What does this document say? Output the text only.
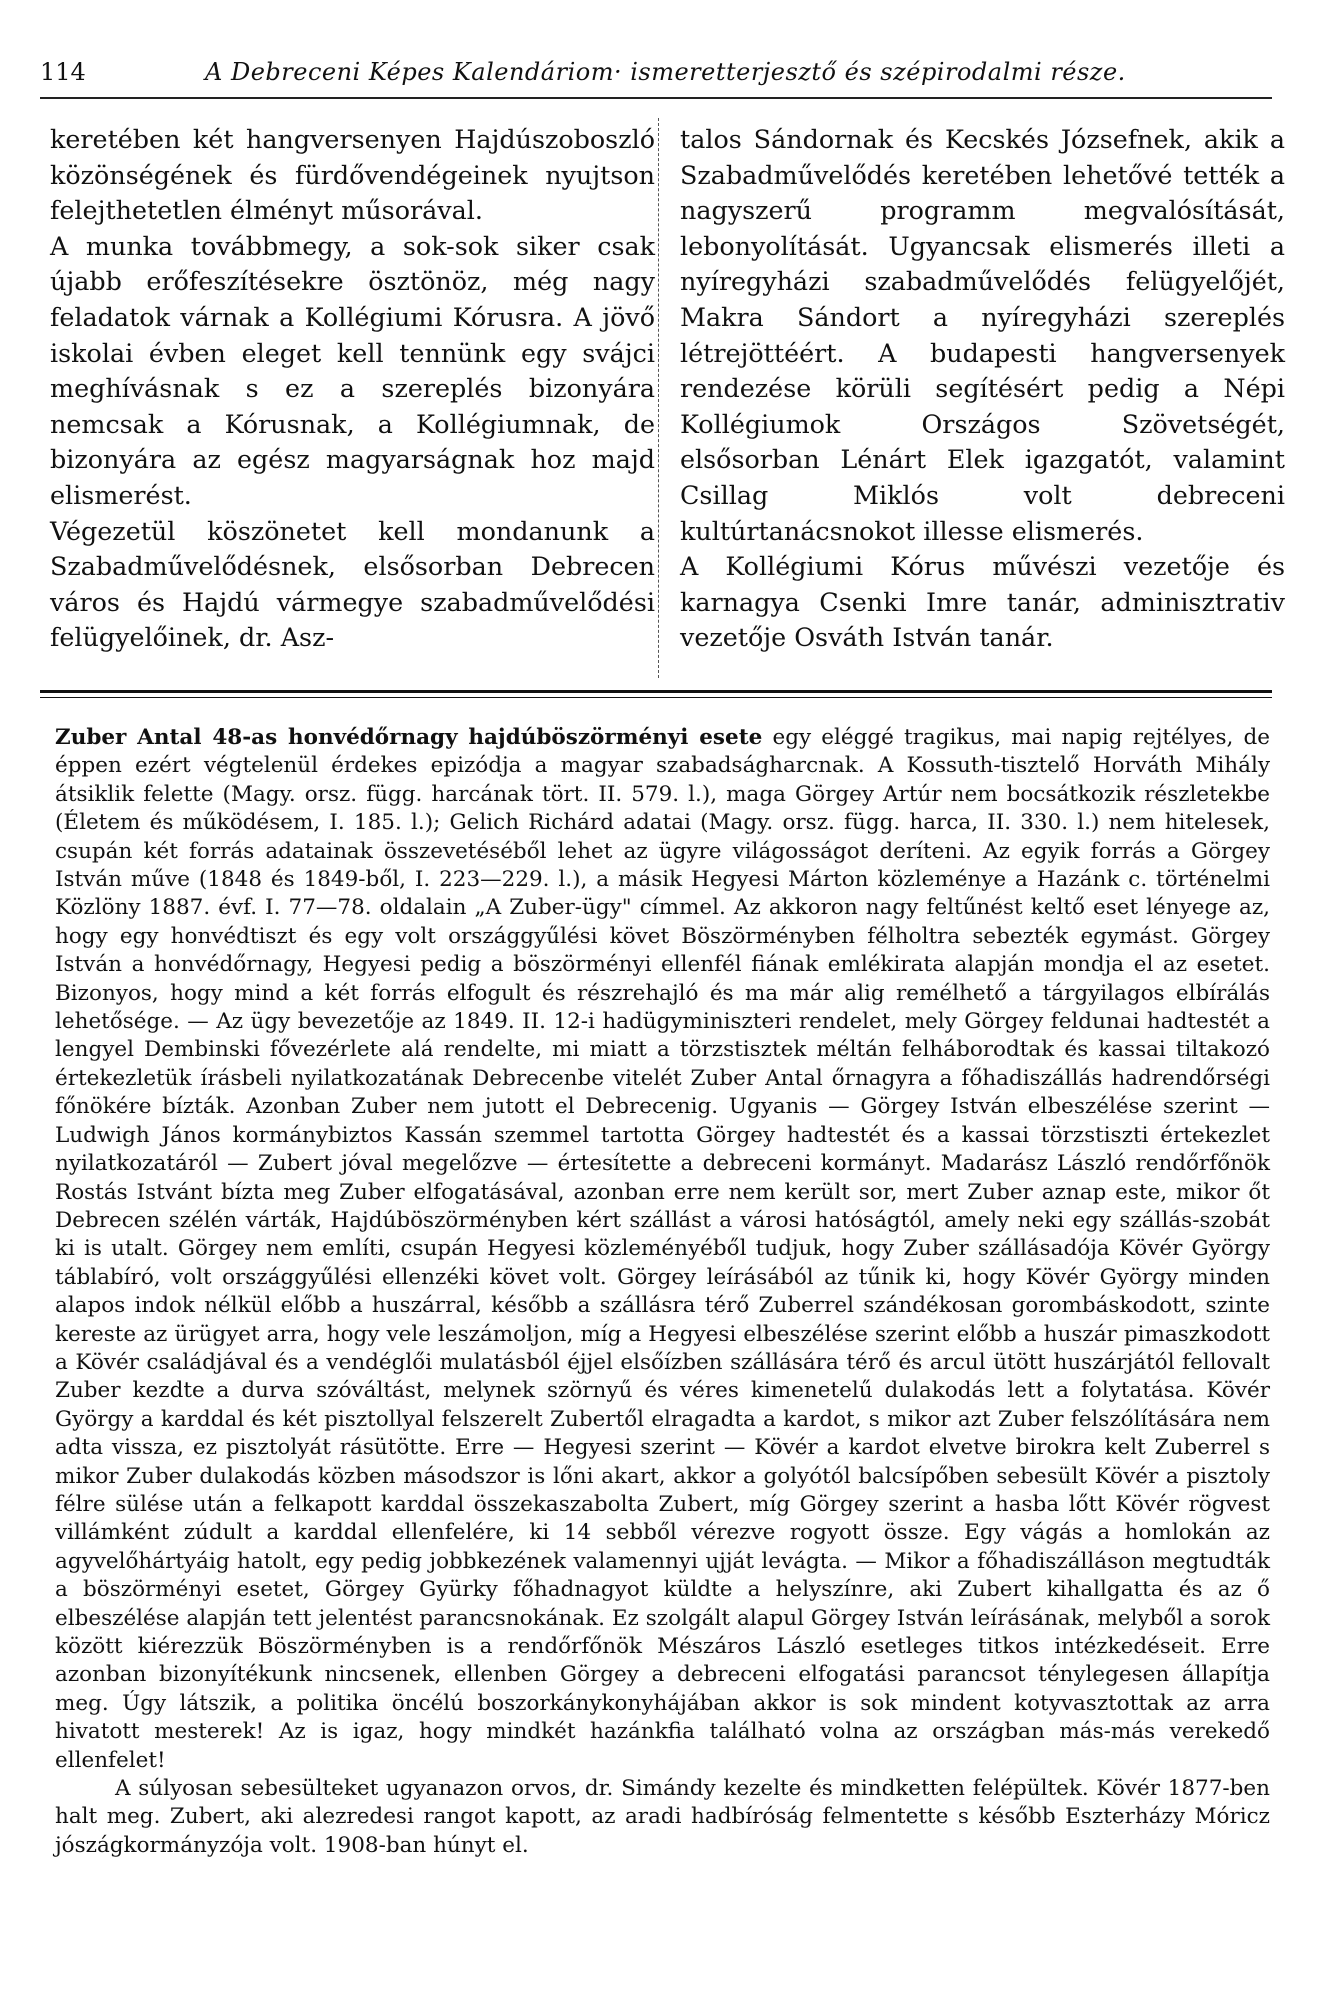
114	A Debreceni Képes Kalendáriom· ismeretterjesztő és szépirodalmi része.

keretében két hangversenyen Hajdúszoboszló közönségének és fürdővendégeinek nyujtson felejthetetlen élményt műsorával.

A munka továbbmegy, a sok-sok siker csak újabb erőfeszítésekre ösztönöz, még nagy feladatok várnak a Kollégiumi Kórusra. A jövő iskolai évben eleget kell tennünk egy svájci meghívásnak s ez a szereplés bizonyára nemcsak a Kórusnak, a Kollégiumnak, de bizonyára az egész magyarságnak hoz majd elismerést.

Végezetül köszönetet kell mondanunk a Szabadművelődésnek, elsősorban Debrecen város és Hajdú vármegye szabadművelődési felügyelőinek, dr. Asz-

talos Sándornak és Kecskés Józsefnek, akik a Szabadművelődés keretében lehetővé tették a nagyszerű programm megvalósítását, lebonyolítását. Ugyancsak elismerés illeti a nyíregyházi szabadművelődés felügyelőjét, Makra Sándort a nyíregyházi szereplés létrejöttéért. A budapesti hangversenyek rendezése körüli segítésért pedig a Népi Kollégiumok Országos Szövetségét, elsősorban Lénárt Elek igazgatót, valamint Csillag Miklós volt debreceni kultúrtanácsnokot illesse elismerés.

A Kollégiumi Kórus művészi vezetője és karnagya Csenki Imre tanár, adminisztrativ vezetője Osváth István tanár.

Zuber Antal 48-as honvédőrnagy hajdúböszörményi esete egy eléggé tragikus, mai napig rejtélyes, de éppen ezért végtelenül érdekes epizódja a magyar szabadságharcnak. A Kossuth-tisztelő Horváth Mihály átsiklik felette (Magy. orsz. függ. harcának tört. II. 579. l.), maga Görgey Artúr nem bocsátkozik részletekbe (Életem és működésem, I. 185. l.); Gelich Richárd adatai (Magy. orsz. függ. harca, II. 330. l.) nem hitelesek, csupán két forrás adatainak összevetéséből lehet az ügyre világosságot deríteni. Az egyik forrás a Görgey István műve (1848 és 1849-ből, I. 223—229. l.), a másik Hegyesi Márton közleménye a Hazánk c. történelmi Közlöny 1887. évf. I. 77—78. oldalain „A Zuber-ügy" címmel. Az akkoron nagy feltűnést keltő eset lényege az, hogy egy honvédtiszt és egy volt országgyűlési követ Böszörményben félholtra sebezték egymást. Görgey István a honvédőrnagy, Hegyesi pedig a böszörményi ellenfél fiának emlékirata alapján mondja el az esetet. Bizonyos, hogy mind a két forrás elfogult és részrehajló és ma már alig remélhető a tárgyilagos elbírálás lehetősége. — Az ügy bevezetője az 1849. II. 12-i hadügyminiszteri rendelet, mely Görgey feldunai hadtestét a lengyel Dembinski fővezérlete alá rendelte, mi miatt a törzstisztek méltán felháborodtak és kassai tiltakozó értekezletük írásbeli nyilatkozatának Debrecenbe vitelét Zuber Antal őrnagyra a főhadiszállás hadrendőrségi főnökére bízták. Azonban Zuber nem jutott el Debrecenig. Ugyanis — Görgey István elbeszélése szerint — Ludwigh János kormánybiztos Kassán szemmel tartotta Görgey hadtestét és a kassai törzstiszti értekezlet nyilatkozatáról — Zubert jóval megelőzve — értesítette a debreceni kormányt. Madarász László rendőrfőnök Rostás Istvánt bízta meg Zuber elfogatásával, azonban erre nem került sor, mert Zuber aznap este, mikor őt Debrecen szélén várták, Hajdúböszörményben kért szállást a városi hatóságtól, amely neki egy szállás-szobát ki is utalt. Görgey nem említi, csupán Hegyesi közleményéből tudjuk, hogy Zuber szállásadója Kövér György táblabíró, volt országgyűlési ellenzéki követ volt. Görgey leírásából az tűnik ki, hogy Kövér György minden alapos indok nélkül előbb a huszárral, később a szállásra térő Zuberrel szándékosan gorombáskodott, szinte kereste az ürügyet arra, hogy vele leszámoljon, míg a Hegyesi elbeszélése szerint előbb a huszár pimaszkodott a Kövér családjával és a vendéglői mulatásból éjjel elsőízben szállására térő és arcul ütött huszárjától fellovalt Zuber kezdte a durva szóváltást, melynek szörnyű és véres kimenetelű dulakodás lett a folytatása. Kövér György a karddal és két pisztollyal felszerelt Zubertől elragadta a kardot, s mikor azt Zuber felszólítására nem adta vissza, ez pisztolyát rásütötte. Erre — Hegyesi szerint — Kövér a kardot elvetve birokra kelt Zuberrel s mikor Zuber dulakodás közben másodszor is lőni akart, akkor a golyótól balcsípőben sebesült Kövér a pisztoly félre sülése után a felkapott karddal összekaszabolta Zubert, míg Görgey szerint a hasba lőtt Kövér rögvest villámként zúdult a karddal ellenfelére, ki 14 sebből vérezve rogyott össze. Egy vágás a homlokán az agyvelőhártyáig hatolt, egy pedig jobbkezének valamennyi ujját levágta. — Mikor a főhadiszálláson megtudták a böszörményi esetet, Görgey Gyürky főhadnagyot küldte a helyszínre, aki Zubert kihallgatta és az ő elbeszélése alapján tett jelentést parancsnokának. Ez szolgált alapul Görgey István leírásának, melyből a sorok között kiérezzük Böszörményben is a rendőrfőnök Mészáros László esetleges titkos intézkedéseit. Erre azonban bizonyítékunk nincsenek, ellenben Görgey a debreceni elfogatási parancsot ténylegesen állapítja meg. Úgy látszik, a politika öncélú boszorkánykonyhájában akkor is sok mindent kotyvasztottak az arra hivatott mesterek! Az is igaz, hogy mindkét hazánkfia található volna az országban más-más verekedő ellenfelet!

A súlyosan sebesülteket ugyanazon orvos, dr. Simándy kezelte és mindketten felépültek. Kövér 1877-ben halt meg. Zubert, aki alezredesi rangot kapott, az aradi hadbíróság felmentette s később Eszterházy Móricz jószágkormányzója volt. 1908-ban húnyt el.
